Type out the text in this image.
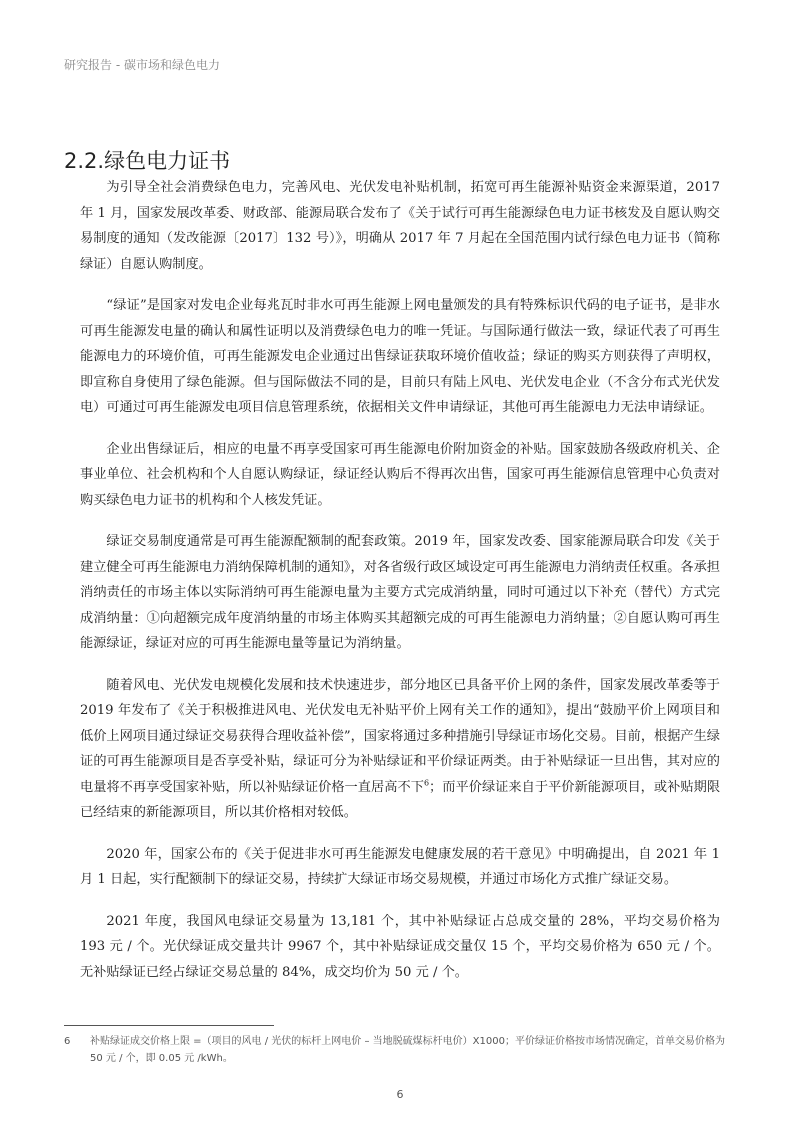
研究报告 - 碳市场和绿色电力
2.2.绿色电力证书

为引导全社会消费绿色电力，完善风电、光伏发电补贴机制，拓宽可再生能源补贴资金来源渠道，2017 年 1 月，国家发展改革委、财政部、能源局联合发布了《关于试行可再生能源绿色电力证书核发及自愿认购交易制度的通知（发改能源〔2017〕132 号）》，明确从 2017 年 7 月起在全国范围内试行绿色电力证书（简称绿证）自愿认购制度。

“绿证”是国家对发电企业每兆瓦时非水可再生能源上网电量颁发的具有特殊标识代码的电子证书，是非水可再生能源发电量的确认和属性证明以及消费绿色电力的唯一凭证。与国际通行做法一致，绿证代表了可再生能源电力的环境价值，可再生能源发电企业通过出售绿证获取环境价值收益；绿证的购买方则获得了声明权，即宣称自身使用了绿色能源。但与国际做法不同的是，目前只有陆上风电、光伏发电企业（不含分布式光伏发电）可通过可再生能源发电项目信息管理系统，依据相关文件申请绿证，其他可再生能源电力无法申请绿证。

企业出售绿证后，相应的电量不再享受国家可再生能源电价附加资金的补贴。国家鼓励各级政府机关、企事业单位、社会机构和个人自愿认购绿证，绿证经认购后不得再次出售，国家可再生能源信息管理中心负责对购买绿色电力证书的机构和个人核发凭证。

绿证交易制度通常是可再生能源配额制的配套政策。2019 年，国家发改委、国家能源局联合印发《关于建立健全可再生能源电力消纳保障机制的通知》，对各省级行政区域设定可再生能源电力消纳责任权重。各承担消纳责任的市场主体以实际消纳可再生能源电量为主要方式完成消纳量，同时可通过以下补充（替代）方式完成消纳量：①向超额完成年度消纳量的市场主体购买其超额完成的可再生能源电力消纳量；②自愿认购可再生能源绿证，绿证对应的可再生能源电量等量记为消纳量。

随着风电、光伏发电规模化发展和技术快速进步，部分地区已具备平价上网的条件，国家发展改革委等于 2019 年发布了《关于积极推进风电、光伏发电无补贴平价上网有关工作的通知》，提出“鼓励平价上网项目和低价上网项目通过绿证交易获得合理收益补偿”，国家将通过多种措施引导绿证市场化交易。目前，根据产生绿证的可再生能源项目是否享受补贴，绿证可分为补贴绿证和平价绿证两类。由于补贴绿证一旦出售，其对应的电量将不再享受国家补贴，所以补贴绿证价格一直居高不下$^6$；而平价绿证来自于平价新能源项目，或补贴期限已经结束的新能源项目，所以其价格相对较低。

2020 年，国家公布的《关于促进非水可再生能源发电健康发展的若干意见》中明确提出，自 2021 年 1 月 1 日起，实行配额制下的绿证交易，持续扩大绿证市场交易规模，并通过市场化方式推广绿证交易。

2021 年度，我国风电绿证交易量为 13,181 个，其中补贴绿证占总成交量的 28%，平均交易价格为 193 元 / 个。光伏绿证成交量共计 9967 个，其中补贴绿证成交量仅 15 个，平均交易价格为 650 元 / 个。无补贴绿证已经占绿证交易总量的 84%，成交均价为 50 元 / 个。

6	补贴绿证成交价格上限 =（项目的风电 / 光伏的标杆上网电价 – 当地脱硫煤标杆电价）X1000；平价绿证价格按市场情况确定，首单交易价格为 50 元 / 个，即 0.05 元 /kWh。
6
